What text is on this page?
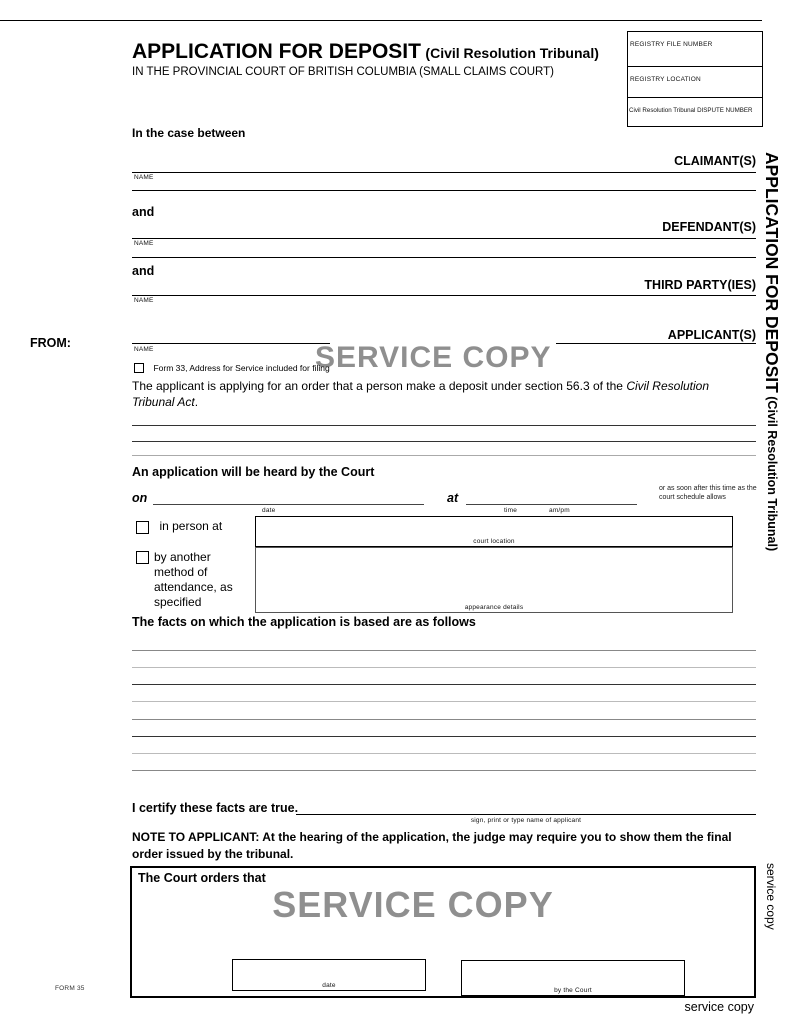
REGISTRY FILE NUMBER
REGISTRY LOCATION
Civil Resolution Tribunal DISPUTE NUMBER
APPLICATION FOR DEPOSIT (Civil Resolution Tribunal)
IN THE PROVINCIAL COURT OF BRITISH COLUMBIA (SMALL CLAIMS COURT)
APPLICATION FOR DEPOSIT (Civil Resolution Tribunal)
In the case between
CLAIMANT(S)
NAME
and
DEFENDANT(S)
NAME
and
THIRD PARTY(IES)
NAME
FROM:
APPLICANT(S)
NAME	SERVICE COPY
Form 33, Address for Service included for filing
The applicant is applying for an order that a person make a deposit under section 56.3 of the Civil Resolution Tribunal Act.
An application will be heard by the Court
on
date
at
time	am/pm
or as soon after this time as the court schedule allows
$^{in person at}$
court location
by another method of attendance, as specified	appearance details
The facts on which the application is based are as follows
I certify these facts are true.
sign, print or type name of applicant
NOTE TO APPLICANT: At the hearing of the application, the judge may require you to show them the final order issued by the tribunal.
The Court orders that
SERVICE COPY
date
by the Court
service copy
FORM 35
service copy
